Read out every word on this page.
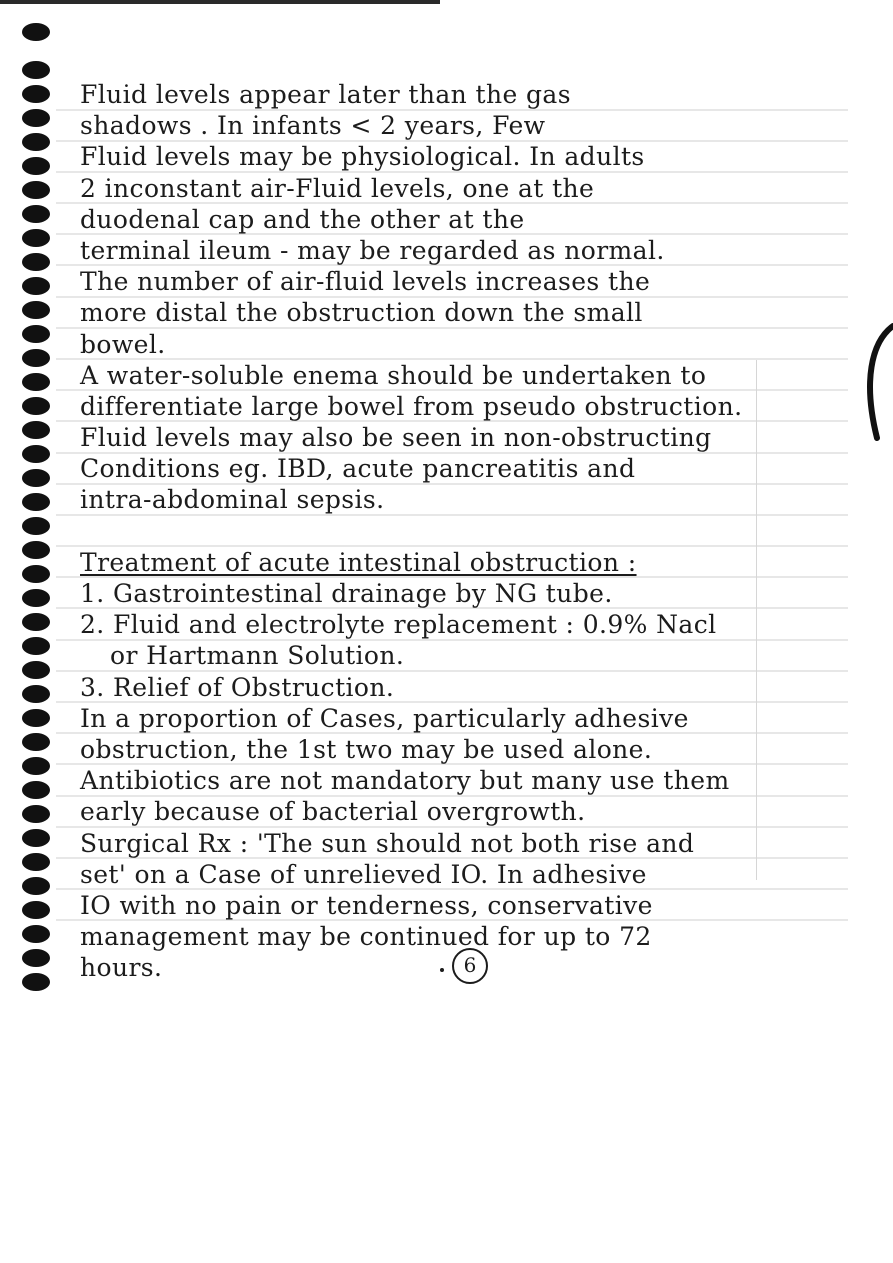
Fluid levels appear later than the gas
shadows . In infants < 2 years, Few
Fluid levels may be physiological. In adults
2 inconstant air-Fluid levels, one at the
duodenal cap and the other at the
terminal ileum - may be regarded as normal.
The number of air-fluid levels increases the
more distal the obstruction down the small
bowel.
A water-soluble enema should be undertaken to
differentiate large bowel from pseudo obstruction.
Fluid levels may also be seen in non-obstructing
Conditions eg. IBD, acute pancreatitis and
intra-abdominal sepsis.
Treatment of acute intestinal obstruction :
1. Gastrointestinal drainage by NG tube.
2. Fluid and electrolyte replacement : 0.9% Nacl
or Hartmann Solution.
3. Relief of Obstruction.
In a proportion of Cases, particularly adhesive
obstruction, the 1st two may be used alone.
Antibiotics are not mandatory but many use them
early because of bacterial overgrowth.
Surgical Rx : 'The sun should not both rise and
set' on a Case of unrelieved IO. In adhesive
IO with no pain or tenderness, conservative
management may be continued for up to 72
hours.	6
